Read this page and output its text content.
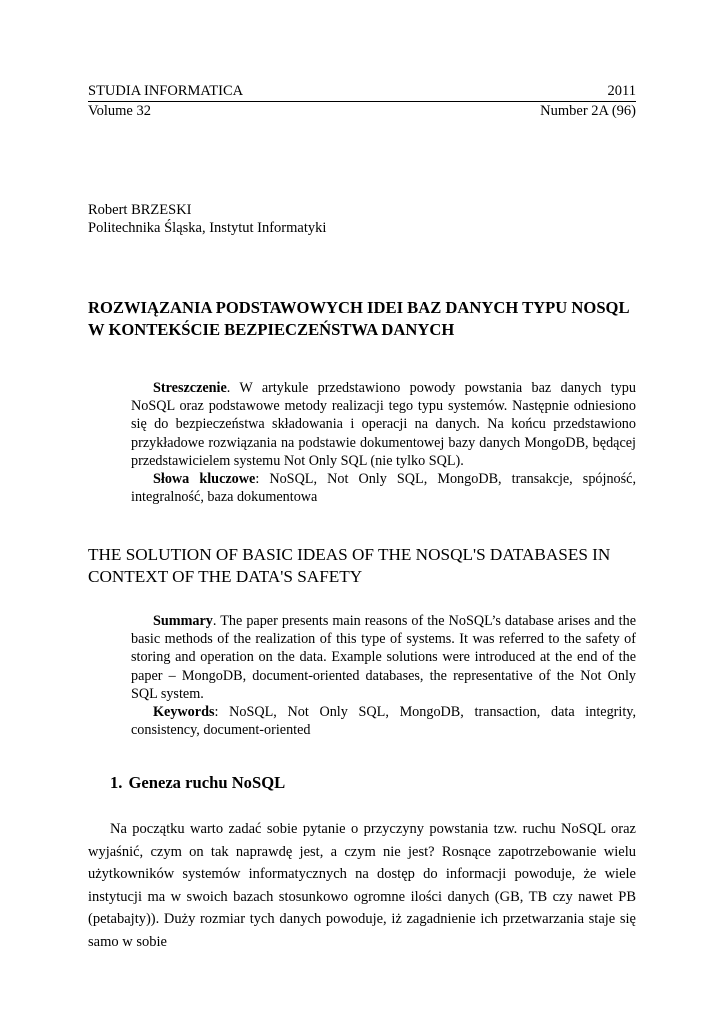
STUDIA INFORMATICA	2011
Volume 32	Number 2A (96)
Robert BRZESKI
Politechnika Śląska, Instytut Informatyki
ROZWIĄZANIA PODSTAWOWYCH IDEI BAZ DANYCH TYPU NOSQL W KONTEKŚCIE BEZPIECZEŃSTWA DANYCH

Streszczenie. W artykule przedstawiono powody powstania baz danych typu NoSQL oraz podstawowe metody realizacji tego typu systemów. Następnie odniesiono się do bezpieczeństwa składowania i operacji na danych. Na końcu przedstawiono przykładowe rozwiązania na podstawie dokumentowej bazy danych MongoDB, będącej przedstawicielem systemu Not Only SQL (nie tylko SQL).

Słowa kluczowe: NoSQL, Not Only SQL, MongoDB, transakcje, spójność, integralność, baza dokumentowa

THE SOLUTION OF BASIC IDEAS OF THE NOSQL'S DATABASES IN CONTEXT OF THE DATA'S SAFETY

Summary. The paper presents main reasons of the NoSQL’s database arises and the basic methods of the realization of this type of systems. It was referred to the safety of storing and operation on the data. Example solutions were introduced at the end of the paper – MongoDB, document-oriented databases, the representative of the Not Only SQL system.

Keywords: NoSQL, Not Only SQL, MongoDB, transaction, data integrity, consistency, document-oriented

1. Geneza ruchu NoSQL

Na początku warto zadać sobie pytanie o przyczyny powstania tzw. ruchu NoSQL oraz wyjaśnić, czym on tak naprawdę jest, a czym nie jest? Rosnące zapotrzebowanie wielu użytkowników systemów informatycznych na dostęp do informacji powoduje, że wiele instytucji ma w swoich bazach stosunkowo ogromne ilości danych (GB, TB czy nawet PB (petabajty)). Duży rozmiar tych danych powoduje, iż zagadnienie ich przetwarzania staje się samo w sobie
